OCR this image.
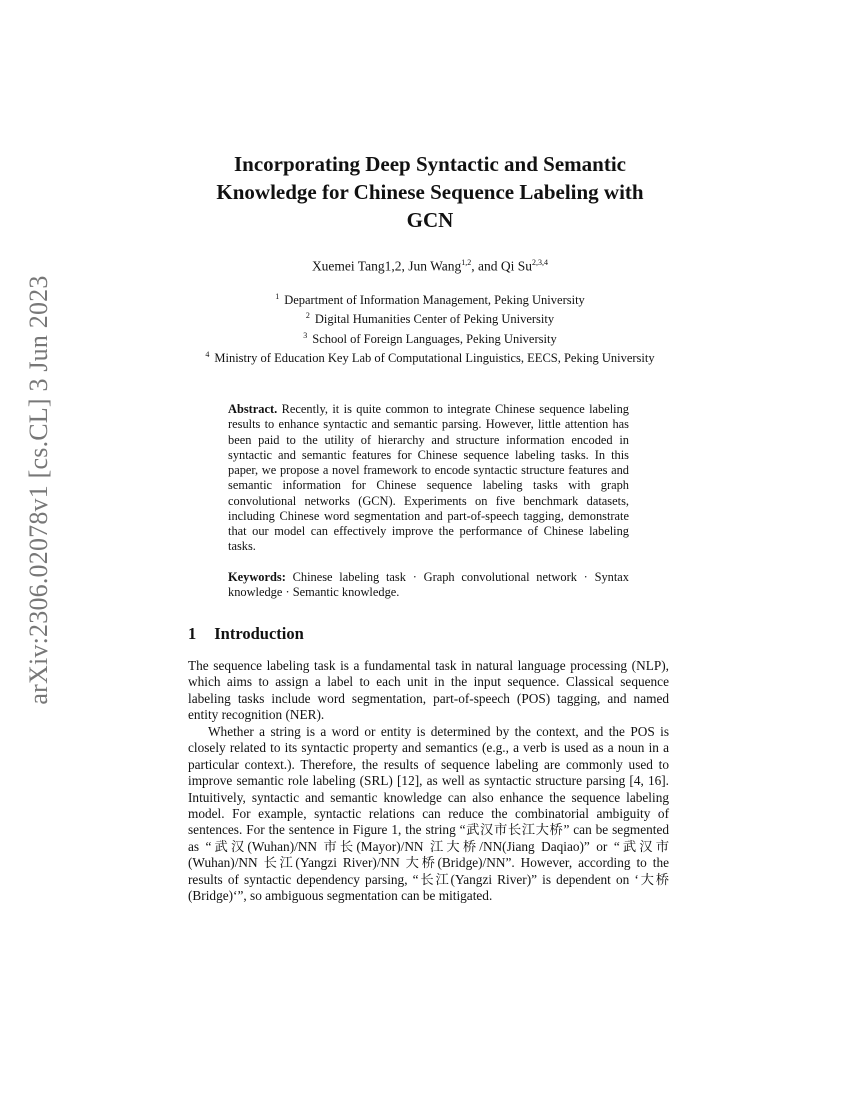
arXiv:2306.02078v1 [cs.CL] 3 Jun 2023
Incorporating Deep Syntactic and Semantic
Knowledge for Chinese Sequence Labeling with
GCN
Xuemei Tang1,2, Jun Wang$^{1,2}$, and Qi Su$^{2,3,4}$
$^1$ Department of Information Management, Peking University
$^2$ Digital Humanities Center of Peking University
$^3$ School of Foreign Languages, Peking University
$^4$ Ministry of Education Key Lab of Computational Linguistics, EECS, Peking University

Abstract. Recently, it is quite common to integrate Chinese sequence labeling results to enhance syntactic and semantic parsing. However, little attention has been paid to the utility of hierarchy and structure information encoded in syntactic and semantic features for Chinese sequence labeling tasks. In this paper, we propose a novel framework to encode syntactic structure features and semantic information for Chinese sequence labeling tasks with graph convolutional networks (GCN). Experiments on five benchmark datasets, including Chinese word segmentation and part-of-speech tagging, demonstrate that our model can effectively improve the performance of Chinese labeling tasks.

Keywords: Chinese labeling task · Graph convolutional network · Syntax knowledge · Semantic knowledge.

1 Introduction

The sequence labeling task is a fundamental task in natural language processing (NLP), which aims to assign a label to each unit in the input sequence. Classical sequence labeling tasks include word segmentation, part-of-speech (POS) tagging, and named entity recognition (NER).

Whether a string is a word or entity is determined by the context, and the POS is closely related to its syntactic property and semantics (e.g., a verb is used as a noun in a particular context.). Therefore, the results of sequence labeling are commonly used to improve semantic role labeling (SRL) [12], as well as syntactic structure parsing [4, 16]. Intuitively, syntactic and semantic knowledge can also enhance the sequence labeling model. For example, syntactic relations can reduce the combinatorial ambiguity of sentences. For the sentence in Figure 1, the string “武汉市长江大桥” can be segmented as “武汉(Wuhan)/NN 市长(Mayor)/NN 江大桥/NN(Jiang Daqiao)” or “武汉市(Wuhan)/NN 长江(Yangzi River)/NN 大桥(Bridge)/NN”. However, according to the results of syntactic dependency parsing, “长江(Yangzi River)” is dependent on ‘大桥(Bridge)‘”, so ambiguous segmentation can be mitigated.
